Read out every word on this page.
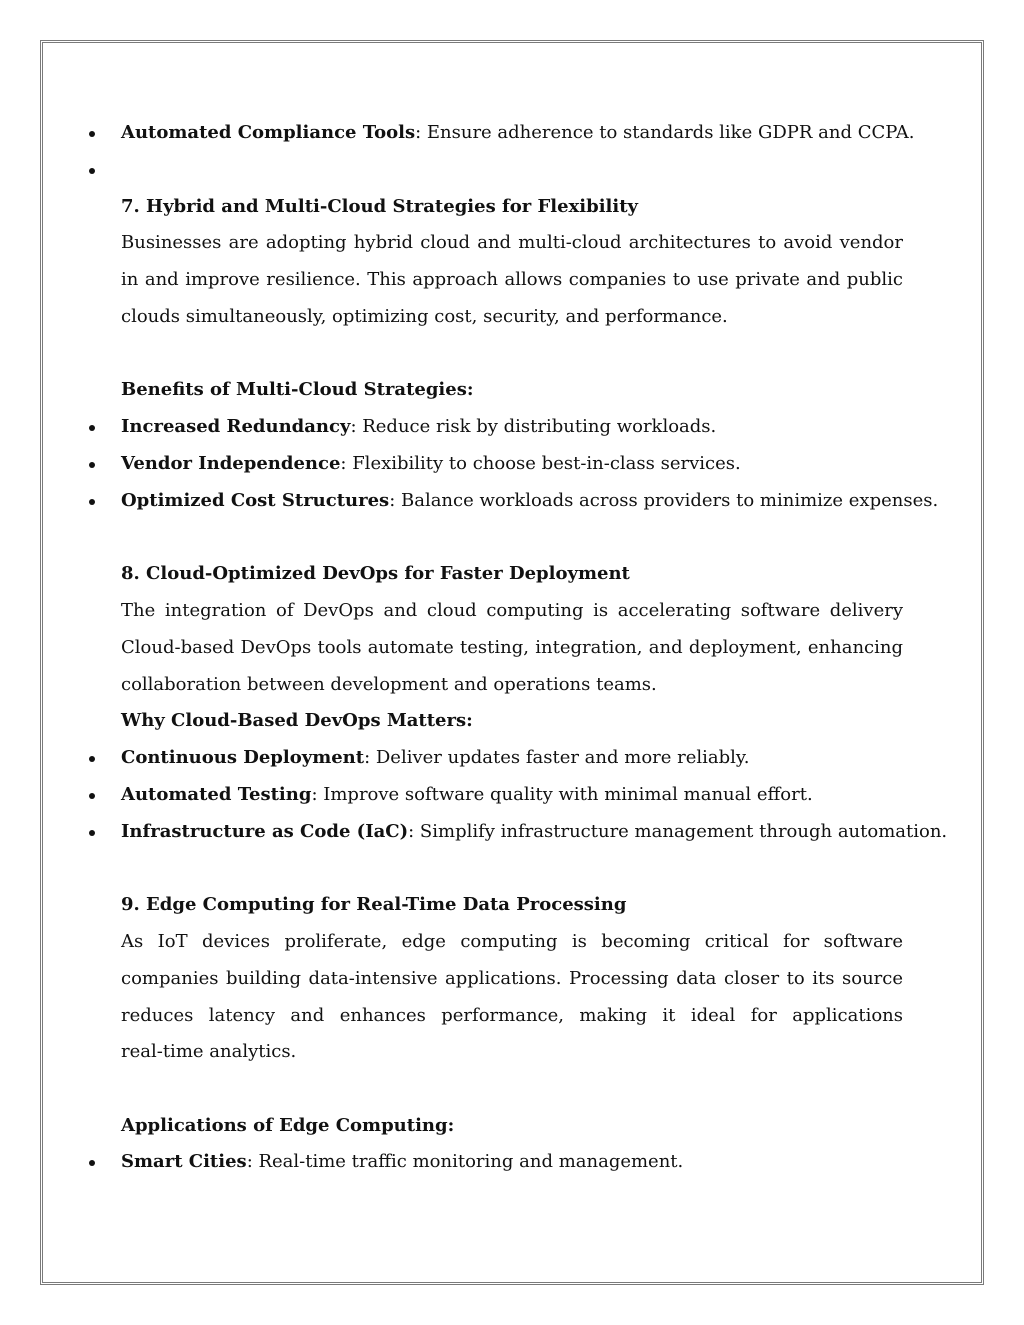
Automated Compliance Tools: Ensure adherence to standards like GDPR and CCPA.
7. Hybrid and Multi-Cloud Strategies for Flexibility
Businesses are adopting hybrid cloud and multi-cloud architectures to avoid vendor
in and improve resilience. This approach allows companies to use private and public
clouds simultaneously, optimizing cost, security, and performance.
Benefits of Multi-Cloud Strategies:
Increased Redundancy: Reduce risk by distributing workloads.
Vendor Independence: Flexibility to choose best-in-class services.
Optimized Cost Structures: Balance workloads across providers to minimize expenses.
8. Cloud-Optimized DevOps for Faster Deployment
The integration of DevOps and cloud computing is accelerating software delivery
Cloud-based DevOps tools automate testing, integration, and deployment, enhancing
collaboration between development and operations teams.
Why Cloud-Based DevOps Matters:
Continuous Deployment: Deliver updates faster and more reliably.
Automated Testing: Improve software quality with minimal manual effort.
Infrastructure as Code (IaC): Simplify infrastructure management through automation.
9. Edge Computing for Real-Time Data Processing
As IoT devices proliferate, edge computing is becoming critical for software
companies building data-intensive applications. Processing data closer to its source
reduces latency and enhances performance, making it ideal for applications
real-time analytics.
Applications of Edge Computing:
Smart Cities: Real-time traffic monitoring and management.
